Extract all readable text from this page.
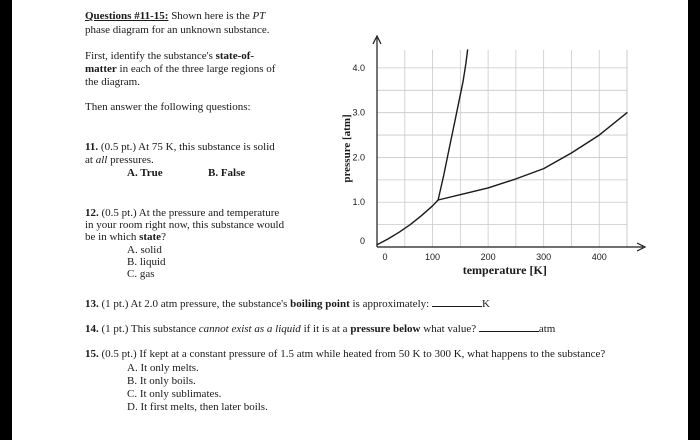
Questions #11-15: Shown here is the PT
phase diagram for an unknown substance.
First, identify the substance's state-of-
matter in each of the three large regions of
the diagram.
Then answer the following questions:
11. (0.5 pt.) At 75 K, this substance is solid
at all pressures.
A. True	B. False
12. (0.5 pt.) At the pressure and temperature
in your room right now, this substance would
be in which state?
A. solid
B. liquid
C. gas
13. (1 pt.) At 2.0 atm pressure, the substance's boiling point is approximately:	K
14. (1 pt.) This substance cannot exist as a liquid if it is at a pressure below what value?	atm
15. (0.5 pt.) If kept at a constant pressure of 1.5 atm while heated from 50 K to 300 K, what happens to the substance?
A. It only melts.
B. It only boils.
C. It only sublimates.
D. It first melts, then later boils.
0	100	200	300	400
0
1.0
2.0
3.0
4.0
temperature [K]
pressure [atm]
